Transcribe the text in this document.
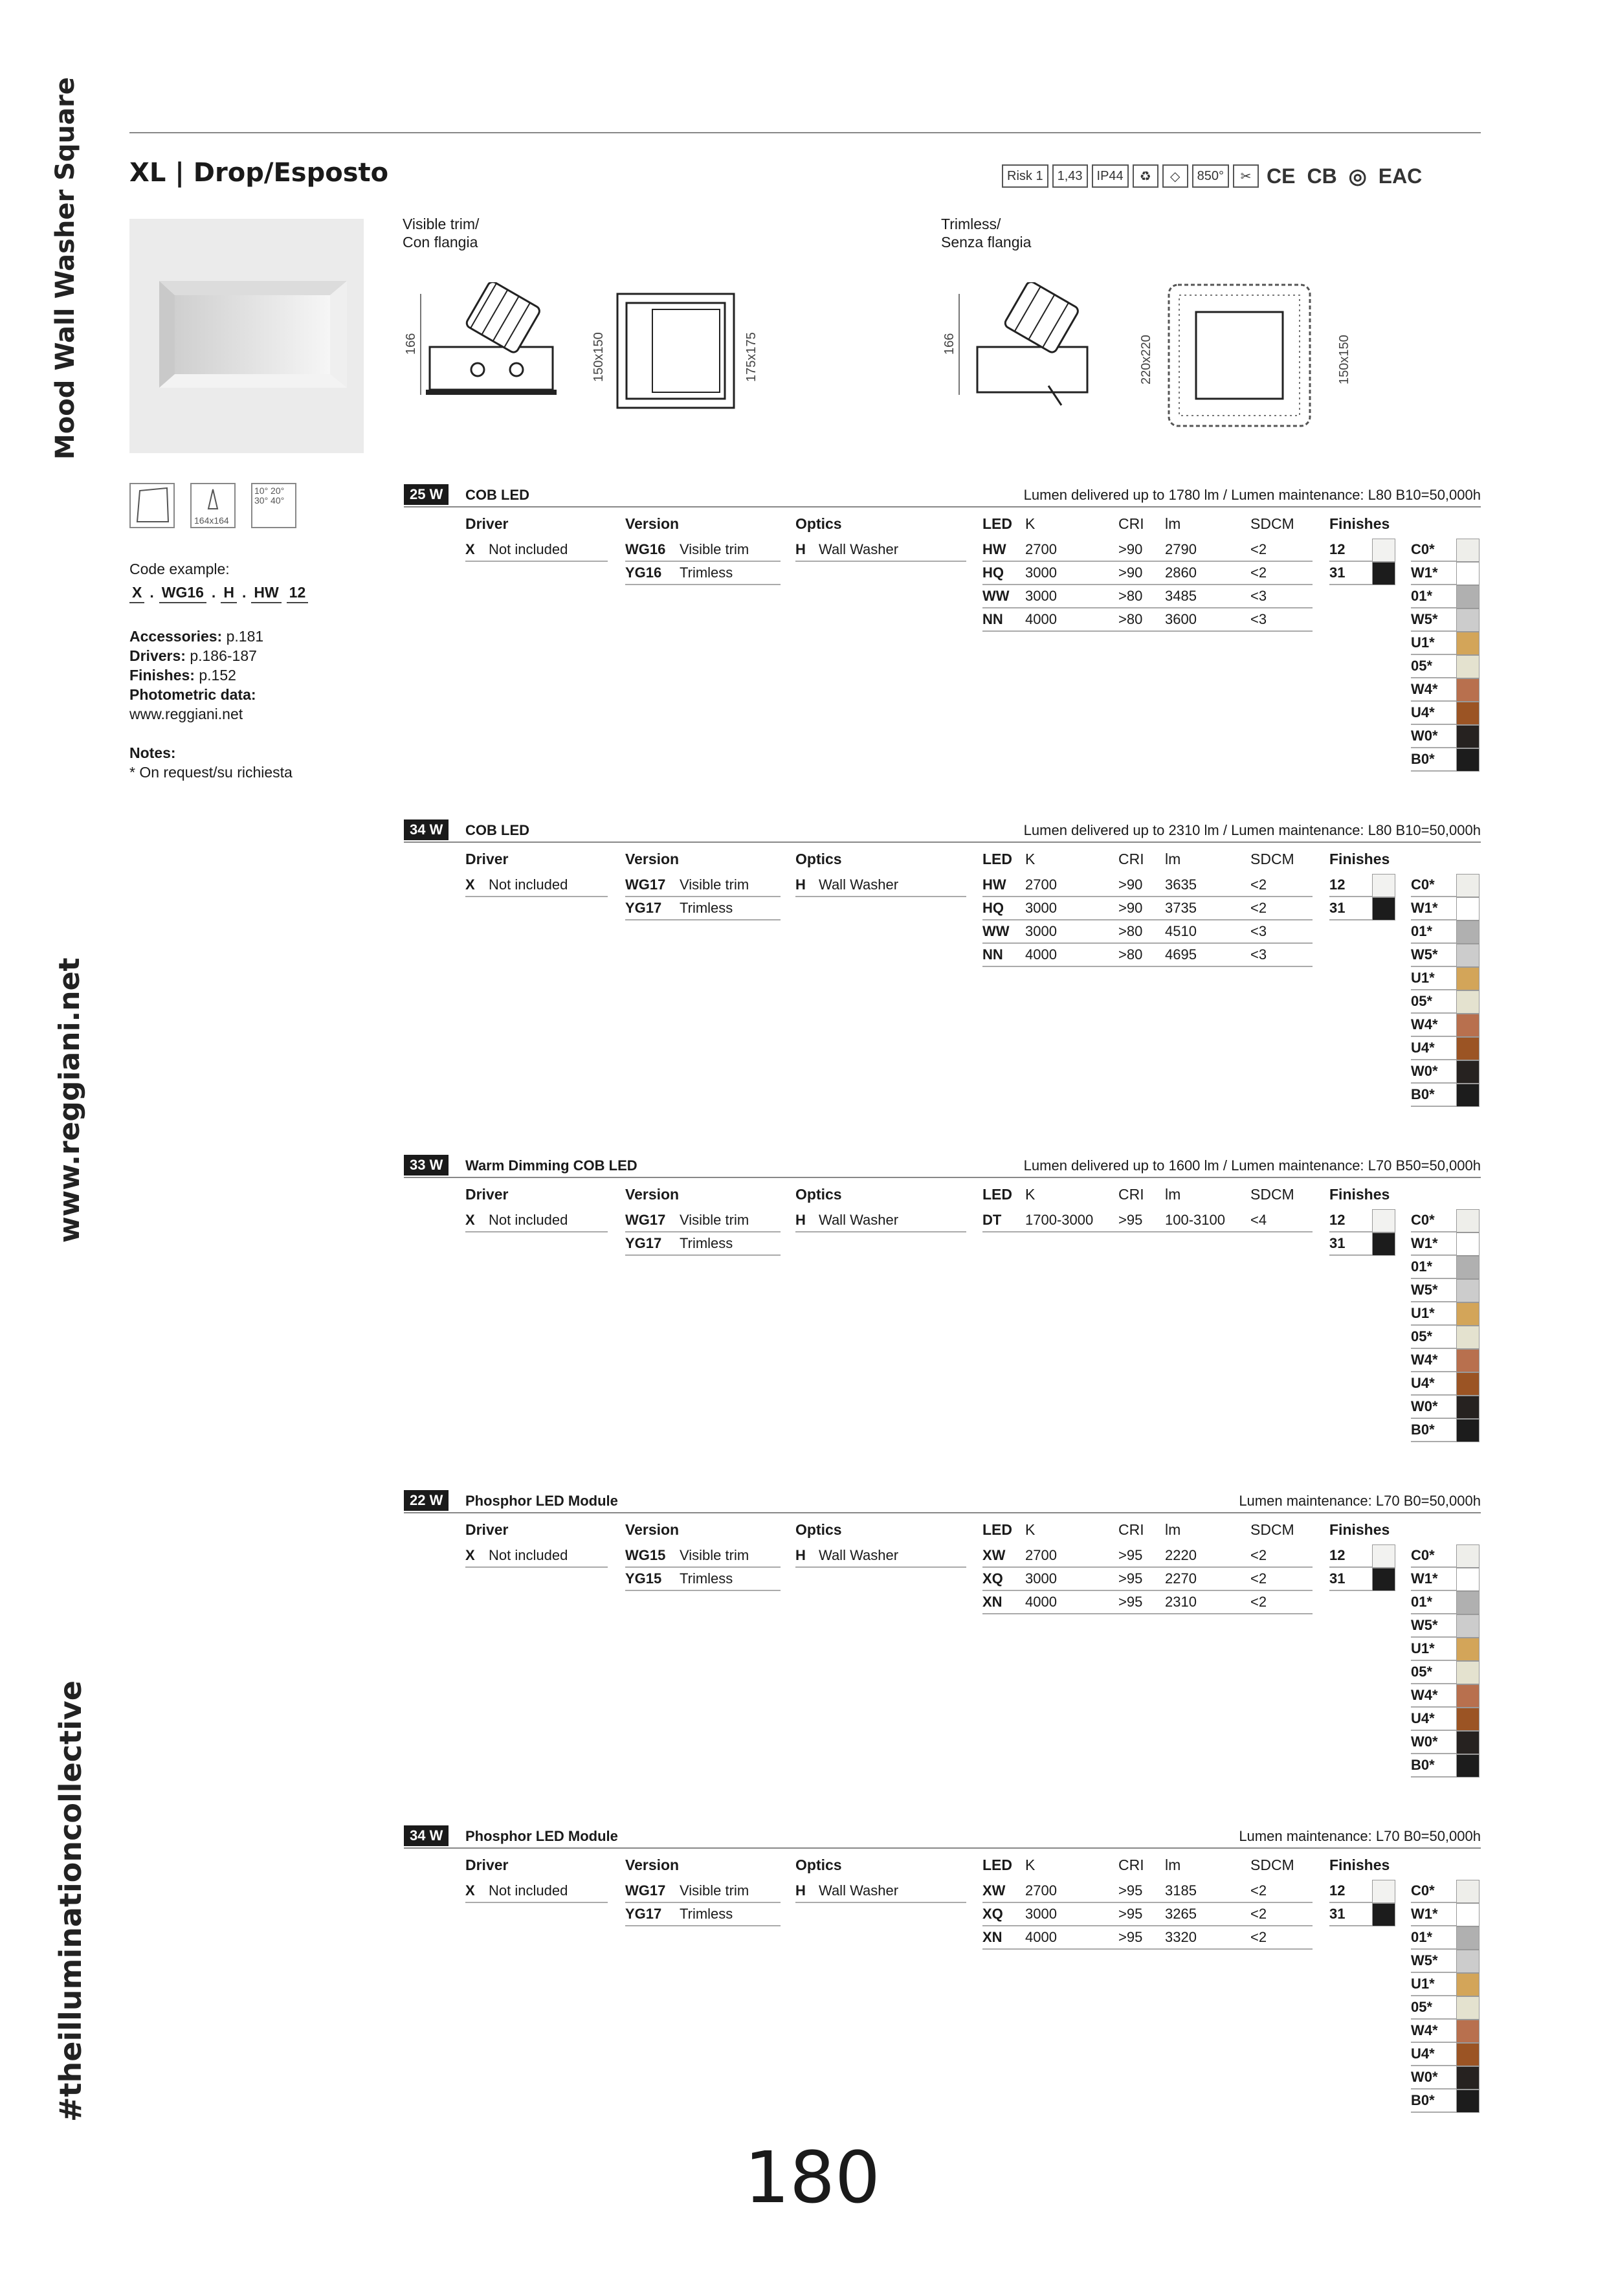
Mood Wall Washer Square
www.reggiani.net
#theilluminationcollective
XL | Drop/Esposto	Risk 1	1,43	IP44	♻	◇	850°	✂ CE CB ◎ EAC
Visible trim/
Con flangia
Trimless/
Senza flangia
166	150x150	175x175	166	220x220	150x150
164x164
10° 20° 30° 40°
Code example:
X . WG16 . H . HW 12
Accessories: p.181
Drivers: p.186-187
Finishes: p.152
Photometric data:
www.reggiani.net
Notes:
* On request/su richiesta
25 W	COB LED	Lumen delivered up to 1780 lm / Lumen maintenance: L80 B10=50,000h
Driver
X Not included
Version
WG16 Visible trim
YG16 Trimless
Optics
H Wall Washer
LED K	CRI lm	SDCM
HW 2700	>90 2790	<2
HQ 3000	>90 2860	<2
WW 3000	>80 3485	<3
NN 4000	>80 3600	<3
Finishes
12
31
C0*
W1*
01*
W5*
U1*
05*
W4*
U4*
W0*
B0*
34 W	COB LED	Lumen delivered up to 2310 lm / Lumen maintenance: L80 B10=50,000h
Driver
X Not included
Version
WG17 Visible trim
YG17 Trimless
Optics
H Wall Washer
LED K	CRI lm	SDCM
HW 2700	>90 3635	<2
HQ 3000	>90 3735	<2
WW 3000	>80 4510	<3
NN 4000	>80 4695	<3
Finishes
12
31
C0*
W1*
01*
W5*
U1*
05*
W4*
U4*
W0*
B0*
33 W	Warm Dimming COB LED	Lumen delivered up to 1600 lm / Lumen maintenance: L70 B50=50,000h
Driver
X Not included
Version
WG17 Visible trim
YG17 Trimless
Optics
H Wall Washer
LED K	CRI lm	SDCM
DT 1700-3000 >95 100-3100 <4
Finishes
12
31
C0*
W1*
01*
W5*
U1*
05*
W4*
U4*
W0*
B0*
22 W	Phosphor LED Module	Lumen maintenance: L70 B0=50,000h
Driver
X Not included
Version
WG15 Visible trim
YG15 Trimless
Optics
H Wall Washer
LED K	CRI lm	SDCM
XW 2700	>95 2220	<2
XQ 3000	>95 2270	<2
XN 4000	>95 2310	<2
Finishes
12
31
C0*
W1*
01*
W5*
U1*
05*
W4*
U4*
W0*
B0*
34 W	Phosphor LED Module	Lumen maintenance: L70 B0=50,000h
Driver
X Not included
Version
WG17 Visible trim
YG17 Trimless
Optics
H Wall Washer
LED K	CRI lm	SDCM
XW 2700	>95 3185	<2
XQ 3000	>95 3265	<2
XN 4000	>95 3320	<2
Finishes
12
31
C0*
W1*
01*
W5*
U1*
05*
W4*
U4*
W0*
B0*
180
